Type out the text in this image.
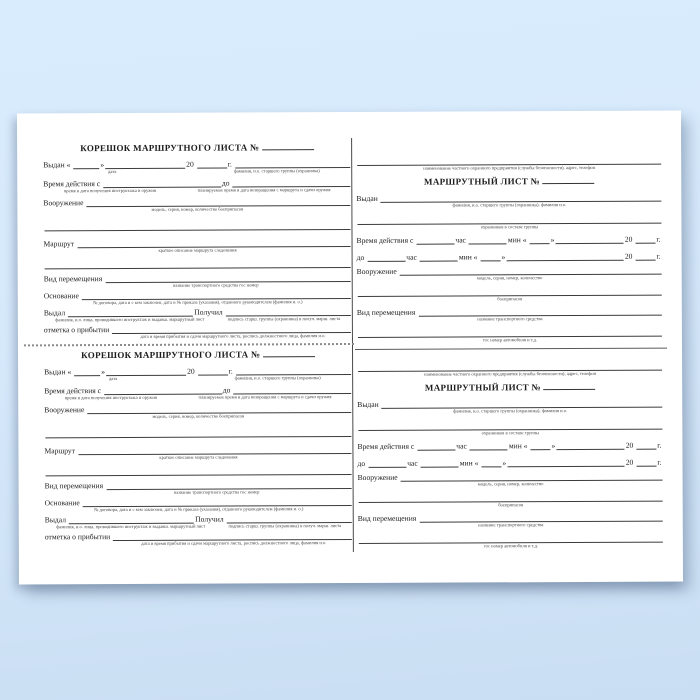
КОРЕШОК МАРШРУТНОГО ЛИСТА №
Выдан «	»	20	г.
дата	фамилия, и.о. старшего группы (охранника)
Время действия с	до
время и дата получения инструктажа и оружия	планируемое время и дата возвращения с маршрута и сдачи оружия
Вооружение
модель, серия, номер, количество боеприпасов
Маршрут
краткое описание маршрута следования
Вид перемещения
название транспортного средства гос номер
Основание
№ договора, дата и с кем заключен, дата и № приказа (указания), отданного руководителем (фамилия и. о.)
Выдал	Получил
фамилия, и.о. лица, проводившего инструктаж и выдавш. маршрутный лист	подпись старш. группы (охранника) в получ. марш. листа
отметка о прибытии
дата и время прибытия и сдачи маршрутного листа, роспись должностного лица, фамилия и.о.
КОРЕШОК МАРШРУТНОГО ЛИСТА №
Выдан «	»	20	г.
дата	фамилия, и.о. старшего группы (охранника)
Время действия с	до
время и дата получения инструктажа и оружия	планируемое время и дата возвращения с маршрута и сдачи оружия
Вооружение
модель, серия, номер, количество боеприпасов
Маршрут
краткое описание маршрута следования
Вид перемещения
название транспортного средства гос номер
Основание
№ договора, дата и с кем заключен, дата и № приказа (указания), отданного руководителем (фамилия и. о.)
Выдал	Получил
фамилия, и.о. лица, проводившего инструктаж и выдавш. маршрутный лист	подпись старш. группы (охранника) в получ. марш. листа
отметка о прибытии
дата и время прибытия и сдачи маршрутного листа, роспись должностного лица, фамилия и.о.
наименование частного охранного предприятия (службы безопасности), адрес, телефон
МАРШРУТНЫЙ ЛИСТ №
Выдан
фамилия, и.о. старшего группы (охранника), фамилия и.о.
охранников в составе группы
Время действия с	час	мин «	»	20	г.
до	час	мин «	»	20	г.
Вооружение
модель, серия, номер, количество
боеприпасов
Вид перемещения
название транспортного средства
гос номер автомобиля и т.д.
наименование частного охранного предприятия (службы безопасности), адрес, телефон
МАРШРУТНЫЙ ЛИСТ №
Выдан
фамилия, и.о. старшего группы (охранника), фамилия и.о.
охранников в составе группы
Время действия с	час	мин «	»	20	г.
до	час	мин «	»	20	г.
Вооружение
модель, серия, номер, количество
боеприпасов
Вид перемещения
название транспортного средства
гос номер автомобиля и т.д.
